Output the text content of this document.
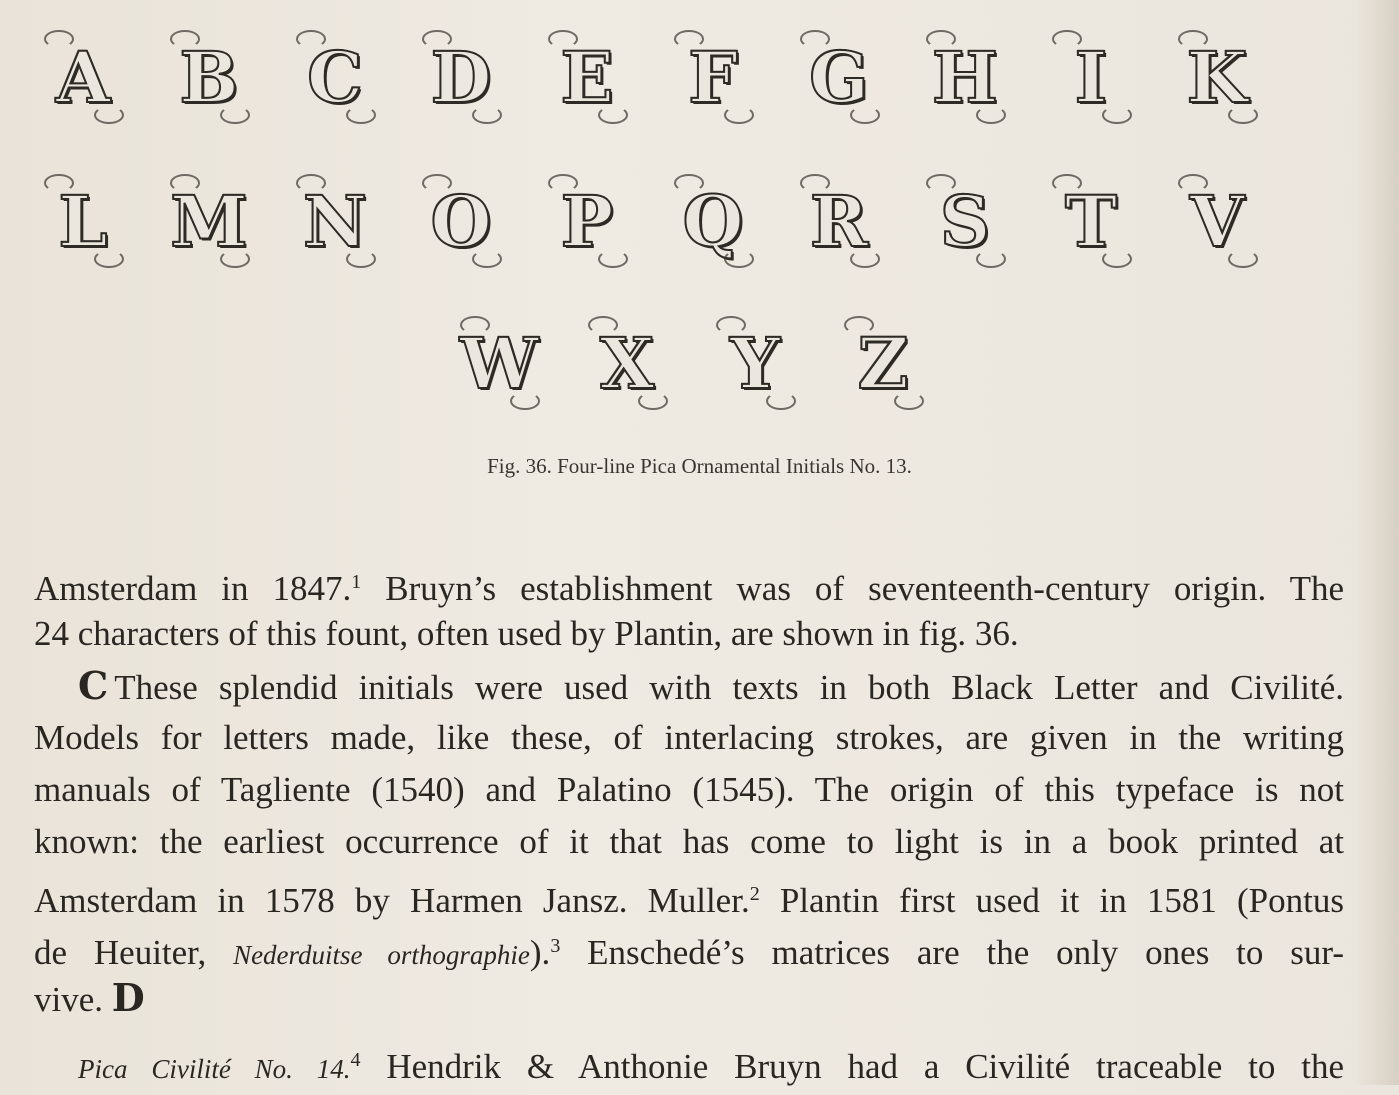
A B C D E	F	G H	I	K
L M N O P Q R	S	T	V
W X	Y	Z
Fig. 36. Four-line Pica Ornamental Initials No. 13.
Amsterdam in 1847.$^1$ Bruyn’s establishment was of seventeenth-century origin. The
24 characters of this fount, often used by Plantin, are shown in fig. 36.
C These splendid initials were used with texts in both Black Letter and Civilité.
Models for letters made, like these, of interlacing strokes, are given in the writing
manuals of Tagliente (1540) and Palatino (1545). The origin of this typeface is not
known: the earliest occurrence of it that has come to light is in a book printed at
Amsterdam in 1578 by Harmen Jansz. Muller.$^2$ Plantin first used it in 1581 (Pontus
de Heuiter, Nederduitse orthographie).$^3$ Enschedé’s matrices are the only ones to sur-
vive. D
Pica Civilité No. 14.$^4$ Hendrik & Anthonie Bruyn had a Civilité traceable to the
